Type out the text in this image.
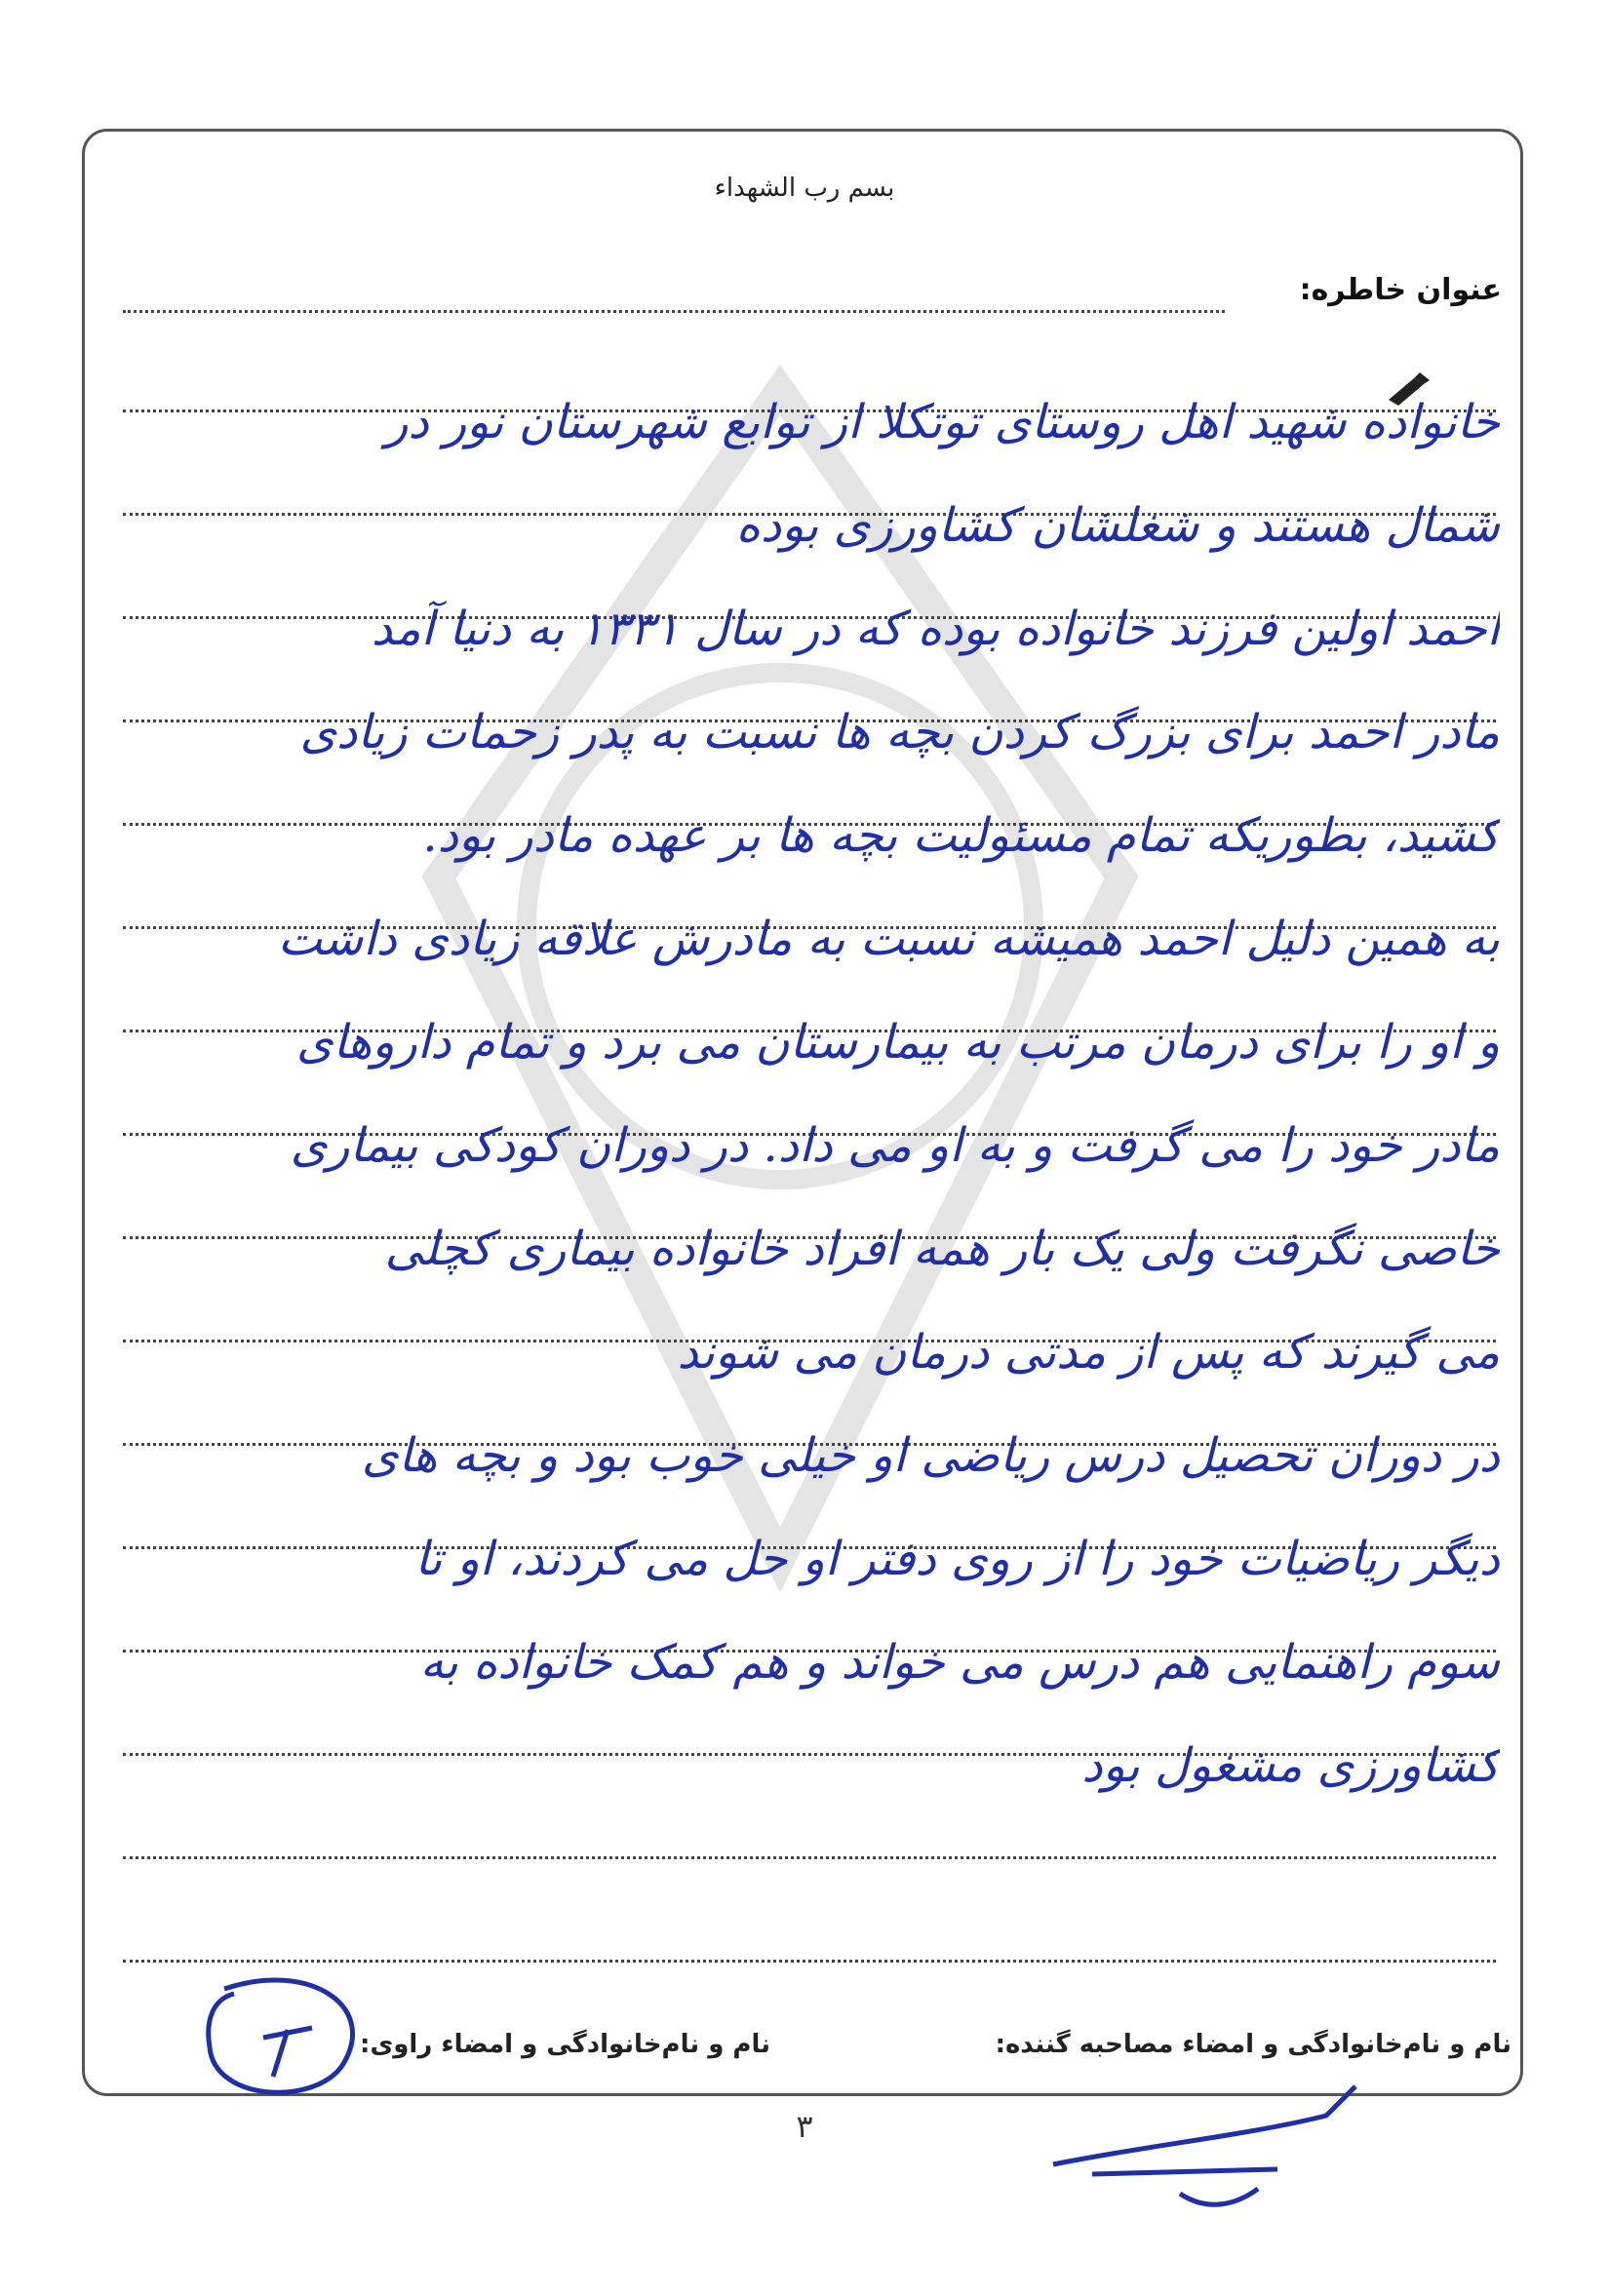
بسم رب الشهداء
عنوان خاطره:
خانواده شهید اهل روستای توتکلا از توابع شهرستان نور در
شمال هستند و شغلشان کشاورزی بوده
احمد اولین فرزند خانواده بوده که در سال ۱۳۳۱ به دنیا آمد
مادر احمد برای بزرگ کردن بچه ها نسبت به پدر زحمات زیادی
کشید، بطوریکه تمام مسئولیت بچه ها بر عهده مادر بود.
به همین دلیل احمد همیشه نسبت به مادرش علاقه زیادی داشت
و او را برای درمان مرتب به بیمارستان می برد و تمام داروهای
مادر خود را می گرفت و به او می داد. در دوران کودکی بیماری
خاصی نگرفت ولی یک بار همه افراد خانواده بیماری کچلی
می گیرند که پس از مدتی درمان می شوند
در دوران تحصیل درس ریاضی او خیلی خوب بود و بچه های
دیگر ریاضیات خود را از روی دفتر او حل می کردند، او تا
سوم راهنمایی هم درس می خواند و هم کمک خانواده به
کشاورزی مشغول بود
نام و نام‌خانوادگی و امضاء مصاحبه گننده:
نام و نام‌خانوادگی و امضاء راوی:
۳
